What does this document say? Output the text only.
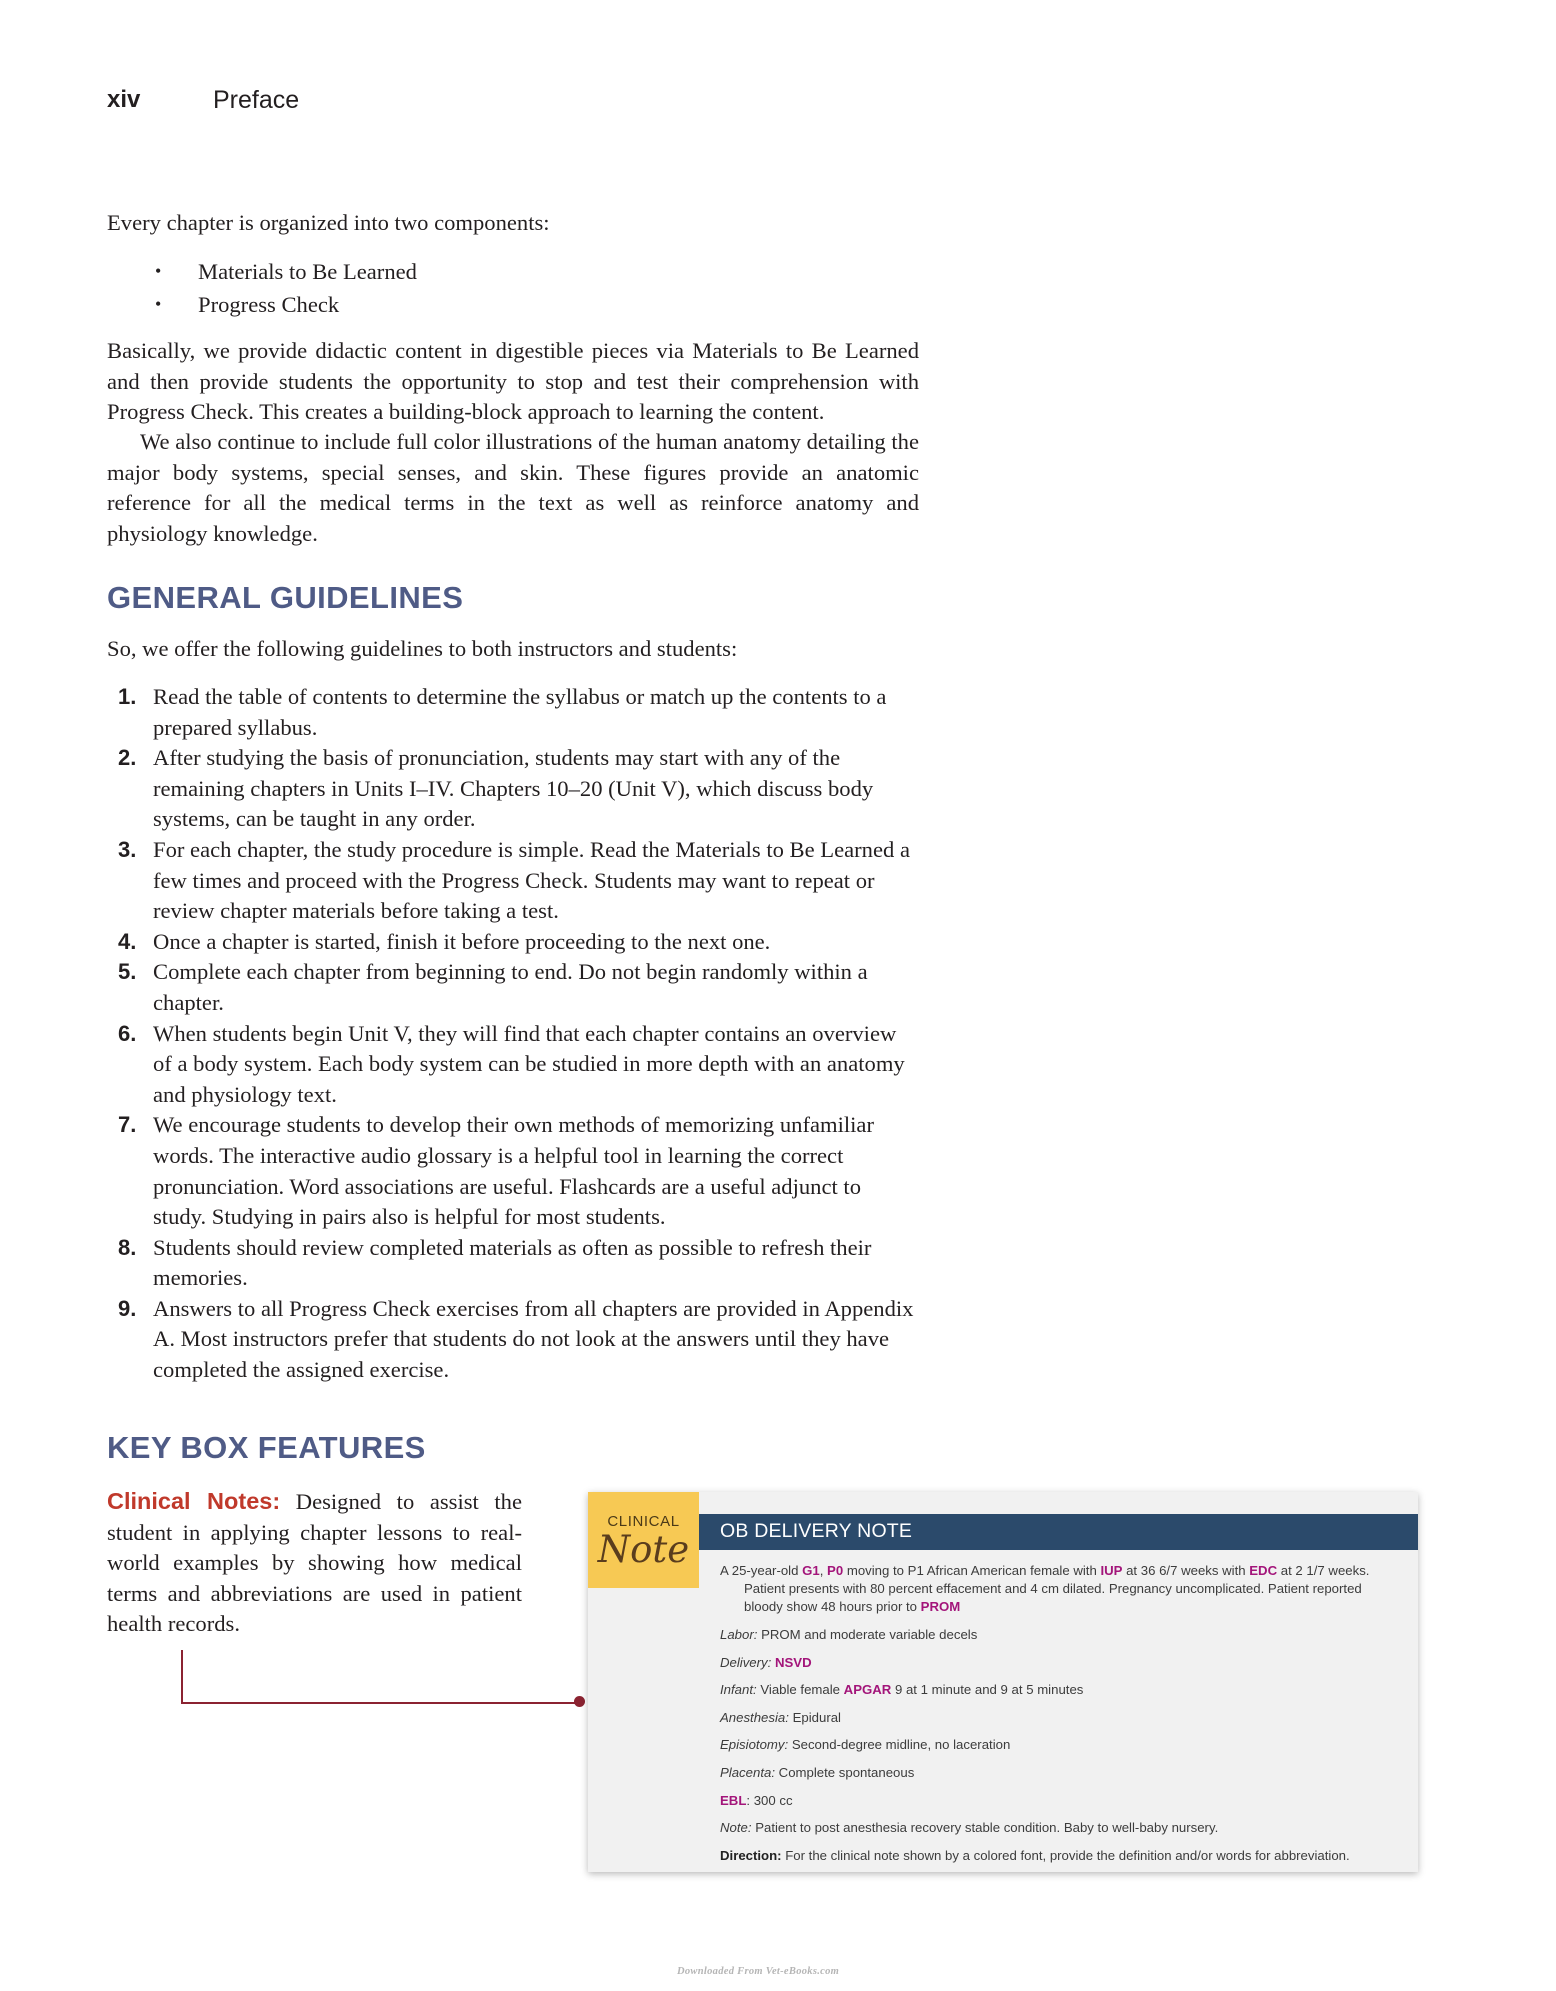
xiv	Preface

Every chapter is organized into two components:

• Materials to Be Learned
• Progress Check

Basically, we provide didactic content in digestible pieces via Materials to Be Learned and then provide students the opportunity to stop and test their comprehension with Progress Check. This creates a building-block approach to learning the content.

We also continue to include full color illustrations of the human anatomy detailing the major body systems, special senses, and skin. These figures provide an anatomic reference for all the medical terms in the text as well as reinforce anatomy and physiology knowledge.

GENERAL GUIDELINES

So, we offer the following guidelines to both instructors and students:

1. Read the table of contents to determine the syllabus or match up the contents to a prepared syllabus.
2. After studying the basis of pronunciation, students may start with any of the remaining chapters in Units I–IV. Chapters 10–20 (Unit V), which discuss body systems, can be taught in any order.
3. For each chapter, the study procedure is simple. Read the Materials to Be Learned a few times and proceed with the Progress Check. Students may want to repeat or review chapter materials before taking a test.
4. Once a chapter is started, finish it before proceeding to the next one.
5. Complete each chapter from beginning to end. Do not begin randomly within a chapter.
6. When students begin Unit V, they will find that each chapter contains an overview of a body system. Each body system can be studied in more depth with an anatomy and physiology text.
7. We encourage students to develop their own methods of memorizing unfamiliar words. The interactive audio glossary is a helpful tool in learning the correct pronunciation. Word associations are useful. Flashcards are a useful adjunct to study. Studying in pairs also is helpful for most students.
8. Students should review completed materials as often as possible to refresh their memories.
9. Answers to all Progress Check exercises from all chapters are provided in Appendix A. Most instructors prefer that students do not look at the answers until they have completed the assigned exercise.
KEY BOX FEATURES

Clinical Notes: Designed to assist the student in applying chapter lessons to real-world examples by showing how medical terms and abbreviations are used in patient health records.

CLINICAL
Note	OB DELIVERY NOTE

A 25-year-old G1, P0 moving to P1 African American female with IUP at 36 6/7 weeks with EDC at 2 1/7 weeks. Patient presents with 80 percent effacement and 4 cm dilated. Pregnancy uncomplicated. Patient reported bloody show 48 hours prior to PROM

Labor: PROM and moderate variable decels

Delivery: NSVD

Infant: Viable female APGAR 9 at 1 minute and 9 at 5 minutes

Anesthesia: Epidural

Episiotomy: Second-degree midline, no laceration

Placenta: Complete spontaneous

EBL: 300 cc

Note: Patient to post anesthesia recovery stable condition. Baby to well-baby nursery.

Direction: For the clinical note shown by a colored font, provide the definition and/or words for abbreviation.

Downloaded From Vet-eBooks.com
